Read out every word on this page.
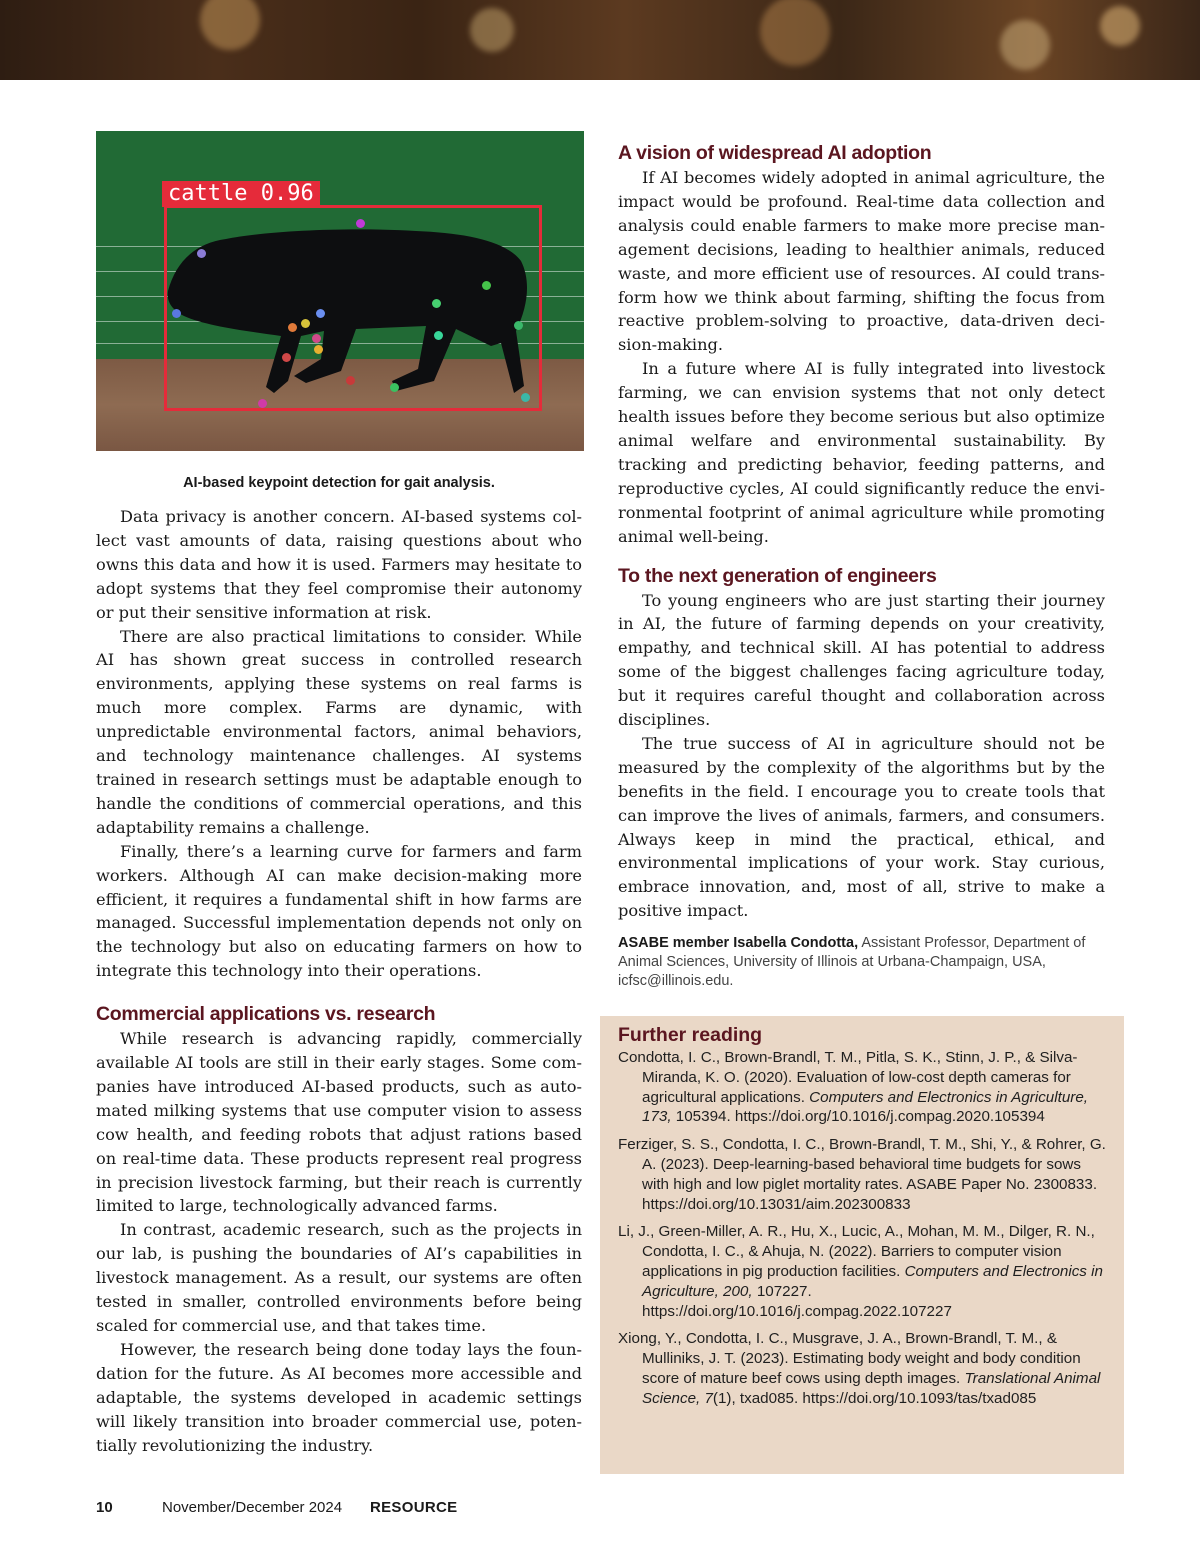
cattle 0.96

AI-based keypoint detection for gait analysis.

Data privacy is another concern. AI-based systems collect vast amounts of data, raising questions about who owns this data and how it is used. Farmers may hesitate to adopt systems that they feel compromise their autonomy or put their sensitive information at risk.

There are also practical limitations to consider. While AI has shown great success in controlled research environments, applying these systems on real farms is much more complex. Farms are dynamic, with unpredictable environmental factors, animal behaviors, and technology maintenance challenges. AI systems trained in research settings must be adaptable enough to handle the conditions of commercial operations, and this adaptability remains a challenge.

Finally, there’s a learning curve for farmers and farm workers. Although AI can make decision-making more efficient, it requires a fundamental shift in how farms are managed. Successful implementation depends not only on the technology but also on educating farmers on how to integrate this technology into their operations.

Commercial applications vs. research

While research is advancing rapidly, commercially available AI tools are still in their early stages. Some companies have introduced AI-based products, such as automated milking systems that use computer vision to assess cow health, and feeding robots that adjust rations based on real-time data. These products represent real progress in precision livestock farming, but their reach is currently limited to large, technologically advanced farms.

In contrast, academic research, such as the projects in our lab, is pushing the boundaries of AI’s capabilities in livestock management. As a result, our systems are often tested in smaller, controlled environments before being scaled for commercial use, and that takes time.

However, the research being done today lays the foundation for the future. As AI becomes more accessible and adaptable, the systems developed in academic settings will likely transition into broader commercial use, potentially revolutionizing the industry.

A vision of widespread AI adoption

If AI becomes widely adopted in animal agriculture, the impact would be profound. Real-time data collection and analysis could enable farmers to make more precise management decisions, leading to healthier animals, reduced waste, and more efficient use of resources. AI could transform how we think about farming, shifting the focus from reactive problem-solving to proactive, data-driven decision-making.

In a future where AI is fully integrated into livestock farming, we can envision systems that not only detect health issues before they become serious but also optimize animal welfare and environmental sustainability. By tracking and predicting behavior, feeding patterns, and reproductive cycles, AI could significantly reduce the environmental footprint of animal agriculture while promoting animal well-being.

To the next generation of engineers

To young engineers who are just starting their journey in AI, the future of farming depends on your creativity, empathy, and technical skill. AI has potential to address some of the biggest challenges facing agriculture today, but it requires careful thought and collaboration across disciplines.

The true success of AI in agriculture should not be measured by the complexity of the algorithms but by the benefits in the field. I encourage you to create tools that can improve the lives of animals, farmers, and consumers. Always keep in mind the practical, ethical, and environmental implications of your work. Stay curious, embrace innovation, and, most of all, strive to make a positive impact.

ASABE member Isabella Condotta, Assistant Professor, Department of Animal Sciences, University of Illinois at Urbana-Champaign, USA, icfsc@illinois.edu.
Further reading

Condotta, I. C., Brown-Brandl, T. M., Pitla, S. K., Stinn, J. P., & Silva-Miranda, K. O. (2020). Evaluation of low-cost depth cameras for agricultural applications. Computers and Electronics in Agriculture, 173, 105394. https://doi.org/10.1016/j.compag.2020.105394

Ferziger, S. S., Condotta, I. C., Brown-Brandl, T. M., Shi, Y., & Rohrer, G. A. (2023). Deep-learning-based behavioral time budgets for sows with high and low piglet mortality rates. ASABE Paper No. 2300833. https://doi.org/10.13031/aim.202300833

Li, J., Green-Miller, A. R., Hu, X., Lucic, A., Mohan, M. M., Dilger, R. N., Condotta, I. C., & Ahuja, N. (2022). Barriers to computer vision applications in pig production facilities. Computers and Electronics in Agriculture, 200, 107227. https://doi.org/10.1016/j.compag.2022.107227

Xiong, Y., Condotta, I. C., Musgrave, J. A., Brown-Brandl, T. M., & Mulliniks, J. T. (2023). Estimating body weight and body condition score of mature beef cows using depth images. Translational Animal Science, 7(1), txad085. https://doi.org/10.1093/tas/txad085

10	November/December 2024 RESOURCE
